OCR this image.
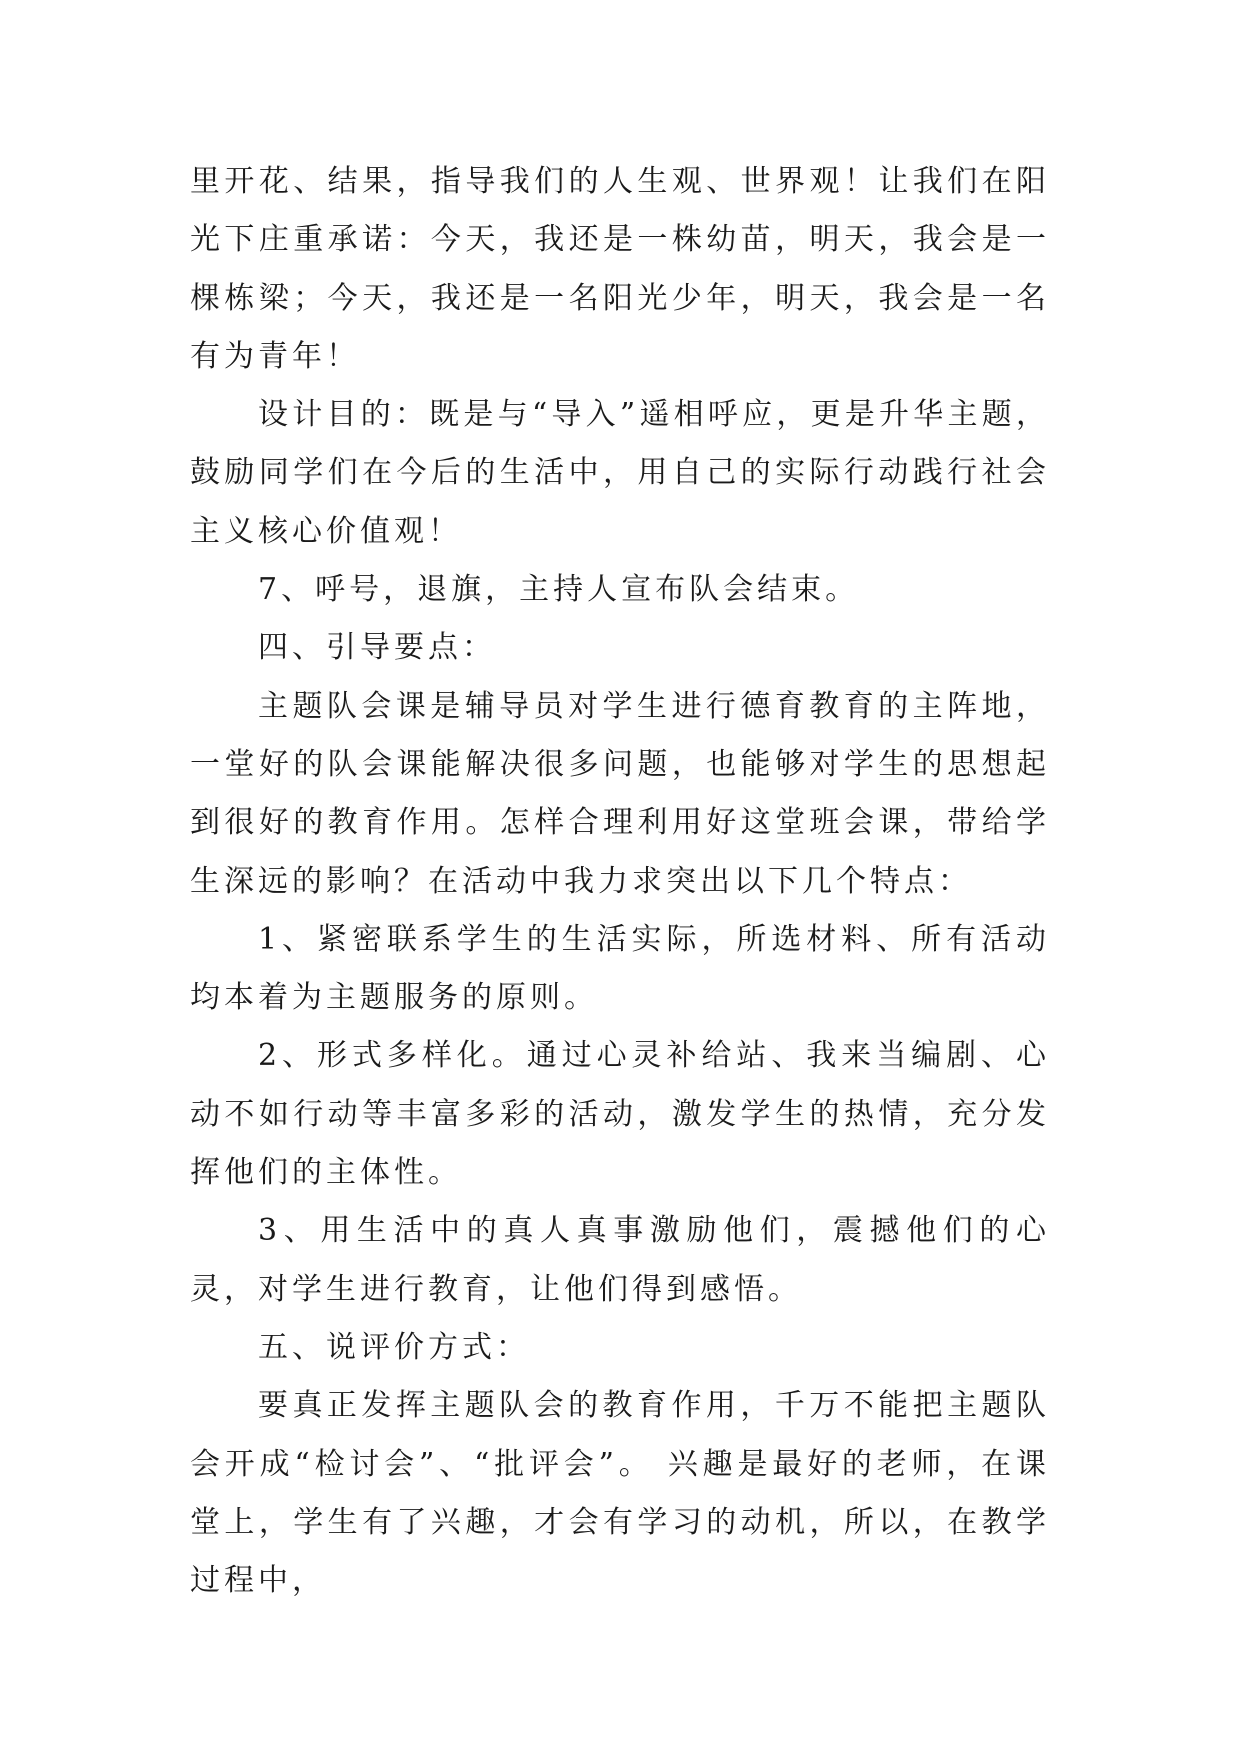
里开花、结果，指导我们的人生观、世界观！让我们在阳光下庄重承诺：今天，我还是一株幼苗，明天，我会是一棵栋梁；今天，我还是一名阳光少年，明天，我会是一名有为青年！

设计目的：既是与“导入”遥相呼应，更是升华主题，鼓励同学们在今后的生活中，用自己的实际行动践行社会主义核心价值观！

7、呼号，退旗，主持人宣布队会结束。

四、引导要点：

主题队会课是辅导员对学生进行德育教育的主阵地，一堂好的队会课能解决很多问题，也能够对学生的思想起到很好的教育作用。怎样合理利用好这堂班会课，带给学生深远的影响？在活动中我力求突出以下几个特点：

1、紧密联系学生的生活实际，所选材料、所有活动均本着为主题服务的原则。

2、形式多样化。通过心灵补给站、我来当编剧、心动不如行动等丰富多彩的活动，激发学生的热情，充分发挥他们的主体性。

3、用生活中的真人真事激励他们，震撼他们的心灵，对学生进行教育，让他们得到感悟。

五、说评价方式：

要真正发挥主题队会的教育作用，千万不能把主题队会开成“检讨会”、“批评会”。 兴趣是最好的老师，在课堂上，学生有了兴趣，才会有学习的动机，所以，在教学过程中，
